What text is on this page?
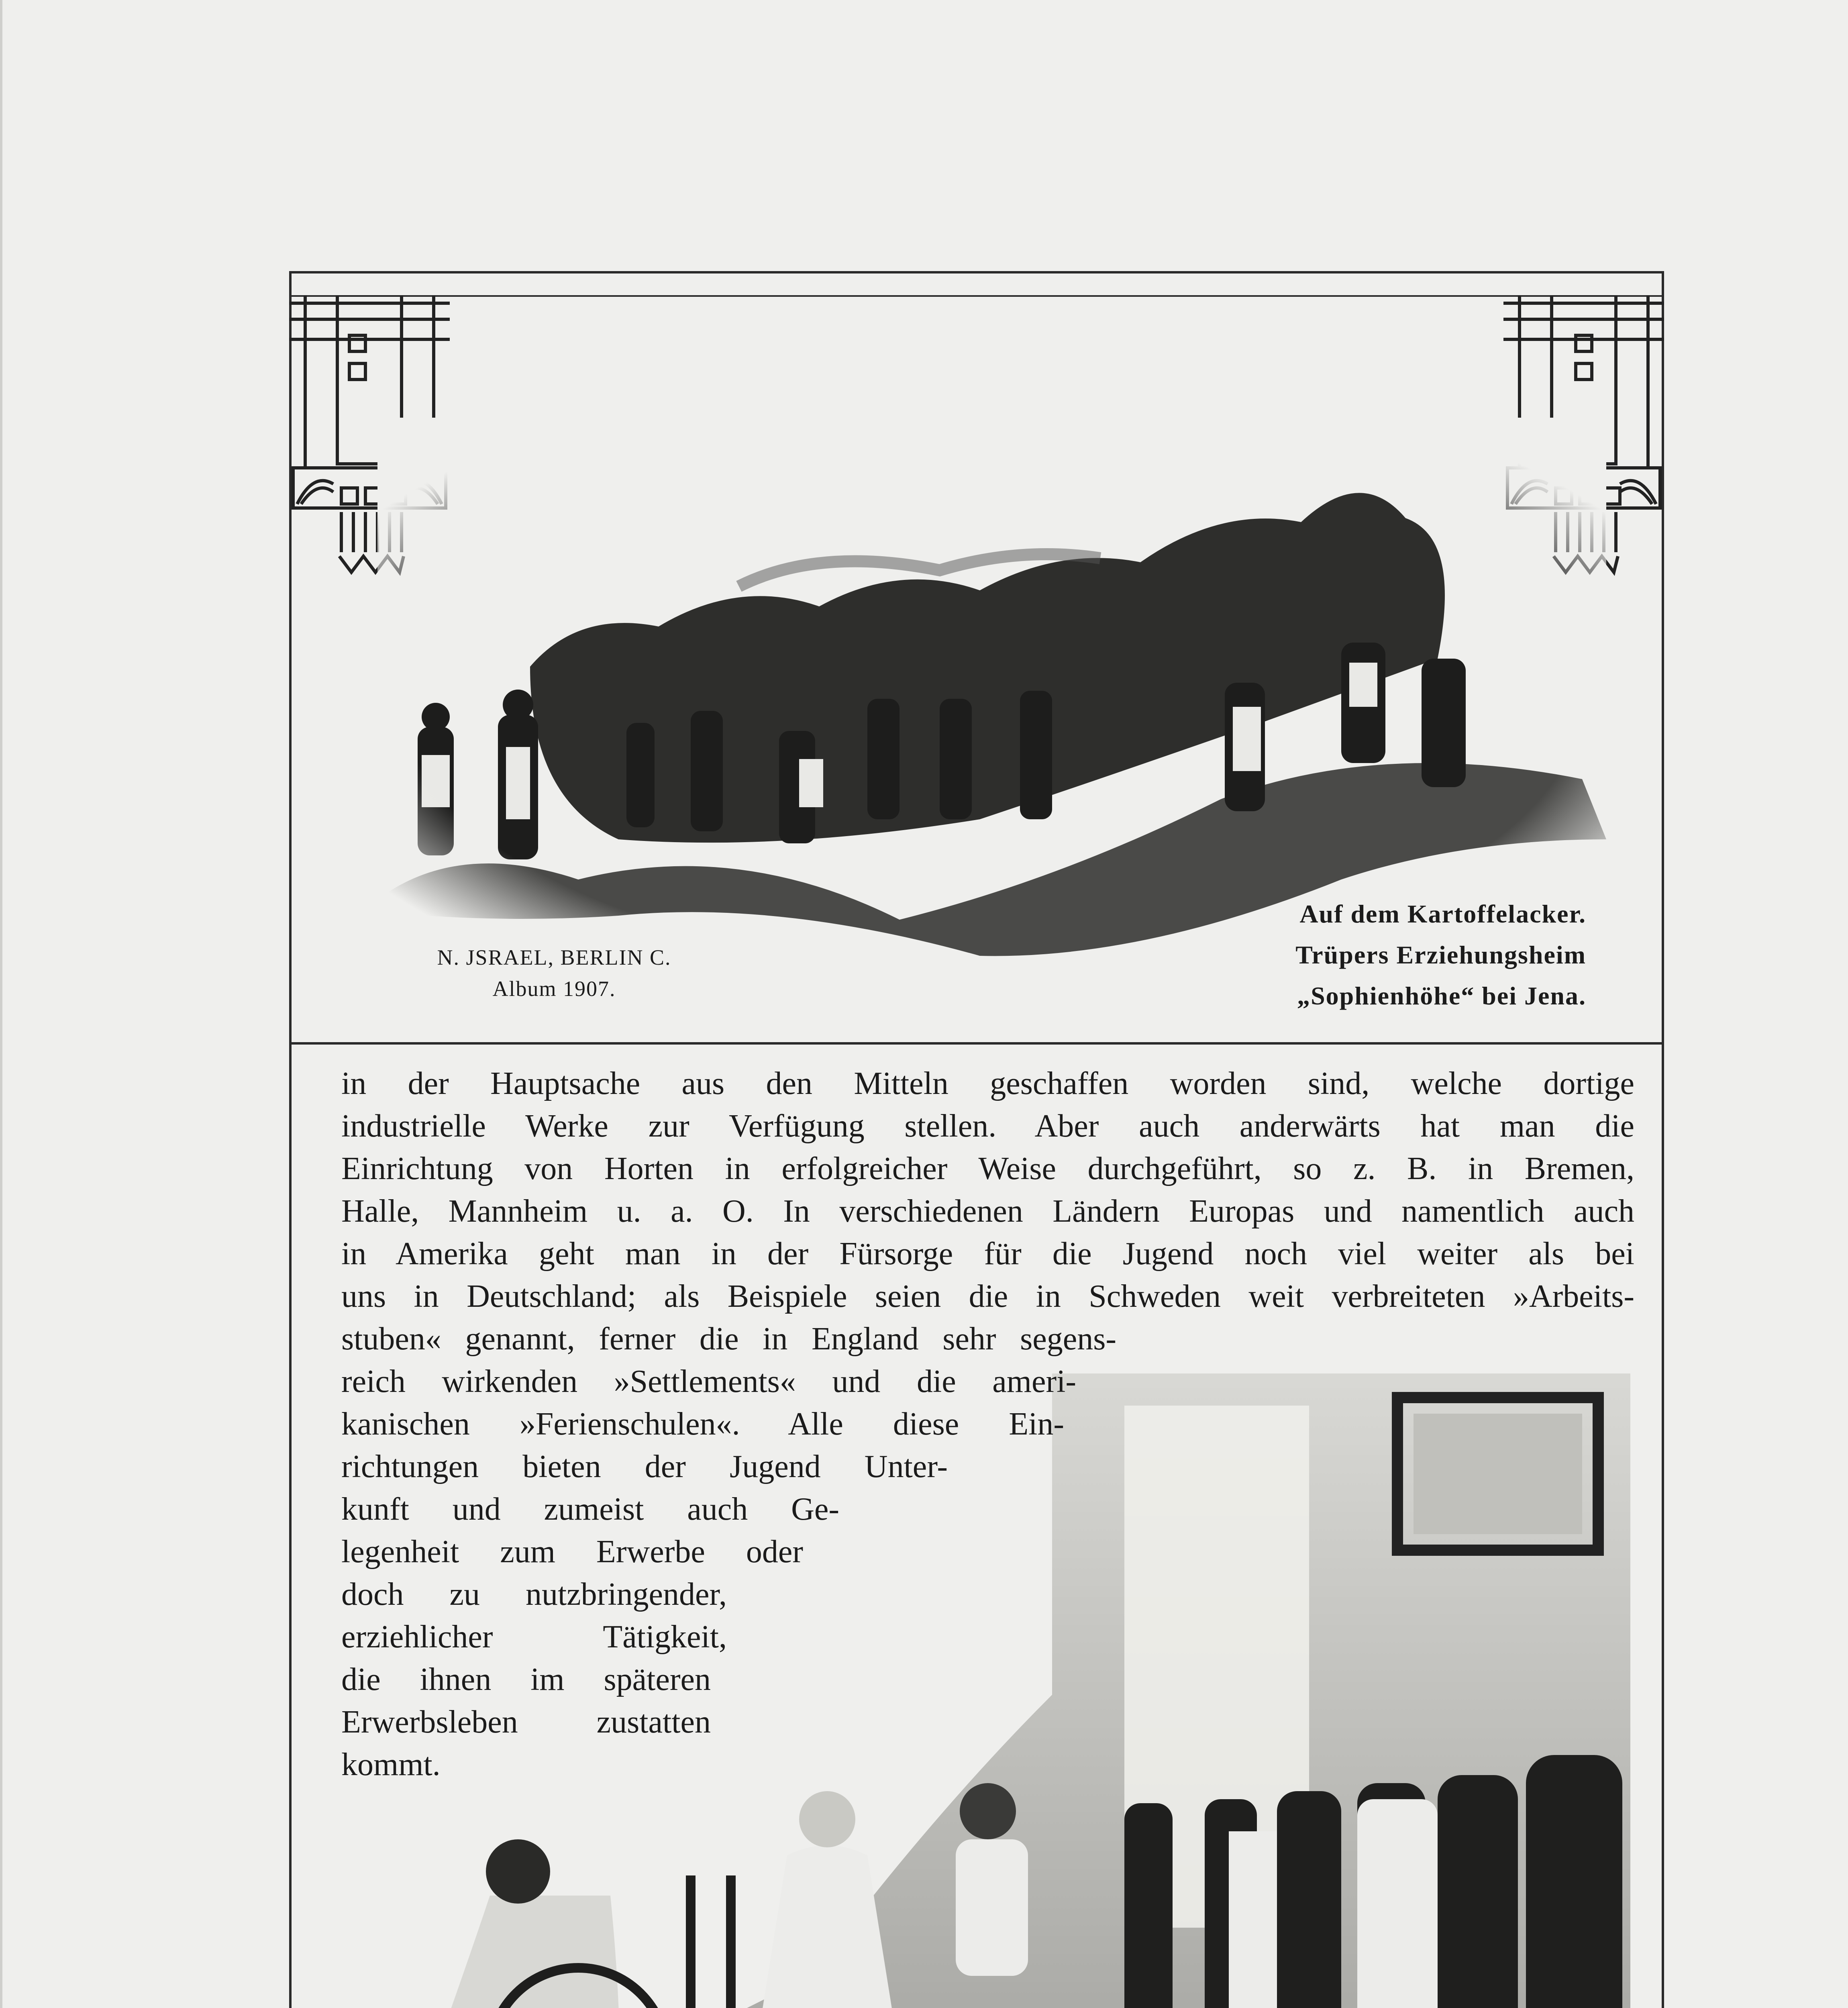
N. JSRAEL, BERLIN C.
Album 1907.
Auf dem Kartoffelacker.
Trüpers Erziehungsheim
„Sophienhöhe“ bei Jena.
in der Hauptsache aus den Mitteln geschaffen worden sind, welche dortige
industrielle Werke zur Verfügung stellen. Aber auch anderwärts hat man die
Einrichtung von Horten in erfolgreicher Weise durchgeführt, so z. B. in Bremen,
Halle, Mannheim u. a. O. In verschiedenen Ländern Europas und namentlich auch
in Amerika geht man in der Fürsorge für die Jugend noch viel weiter als bei
uns in Deutschland; als Beispiele seien die in Schweden weit verbreiteten »Arbeits-
stuben« genannt, ferner die in England sehr segens-
reich wirkenden »Settlements« und die ameri-
kanischen »Ferienschulen«. Alle diese Ein-
richtungen bieten der Jugend Unter-
kunft und zumeist auch Ge-
legenheit zum Erwerbe oder
doch zu nutzbringender,
erziehlicher Tätigkeit,
die ihnen im späteren
Erwerbsleben zustatten
kommt.
